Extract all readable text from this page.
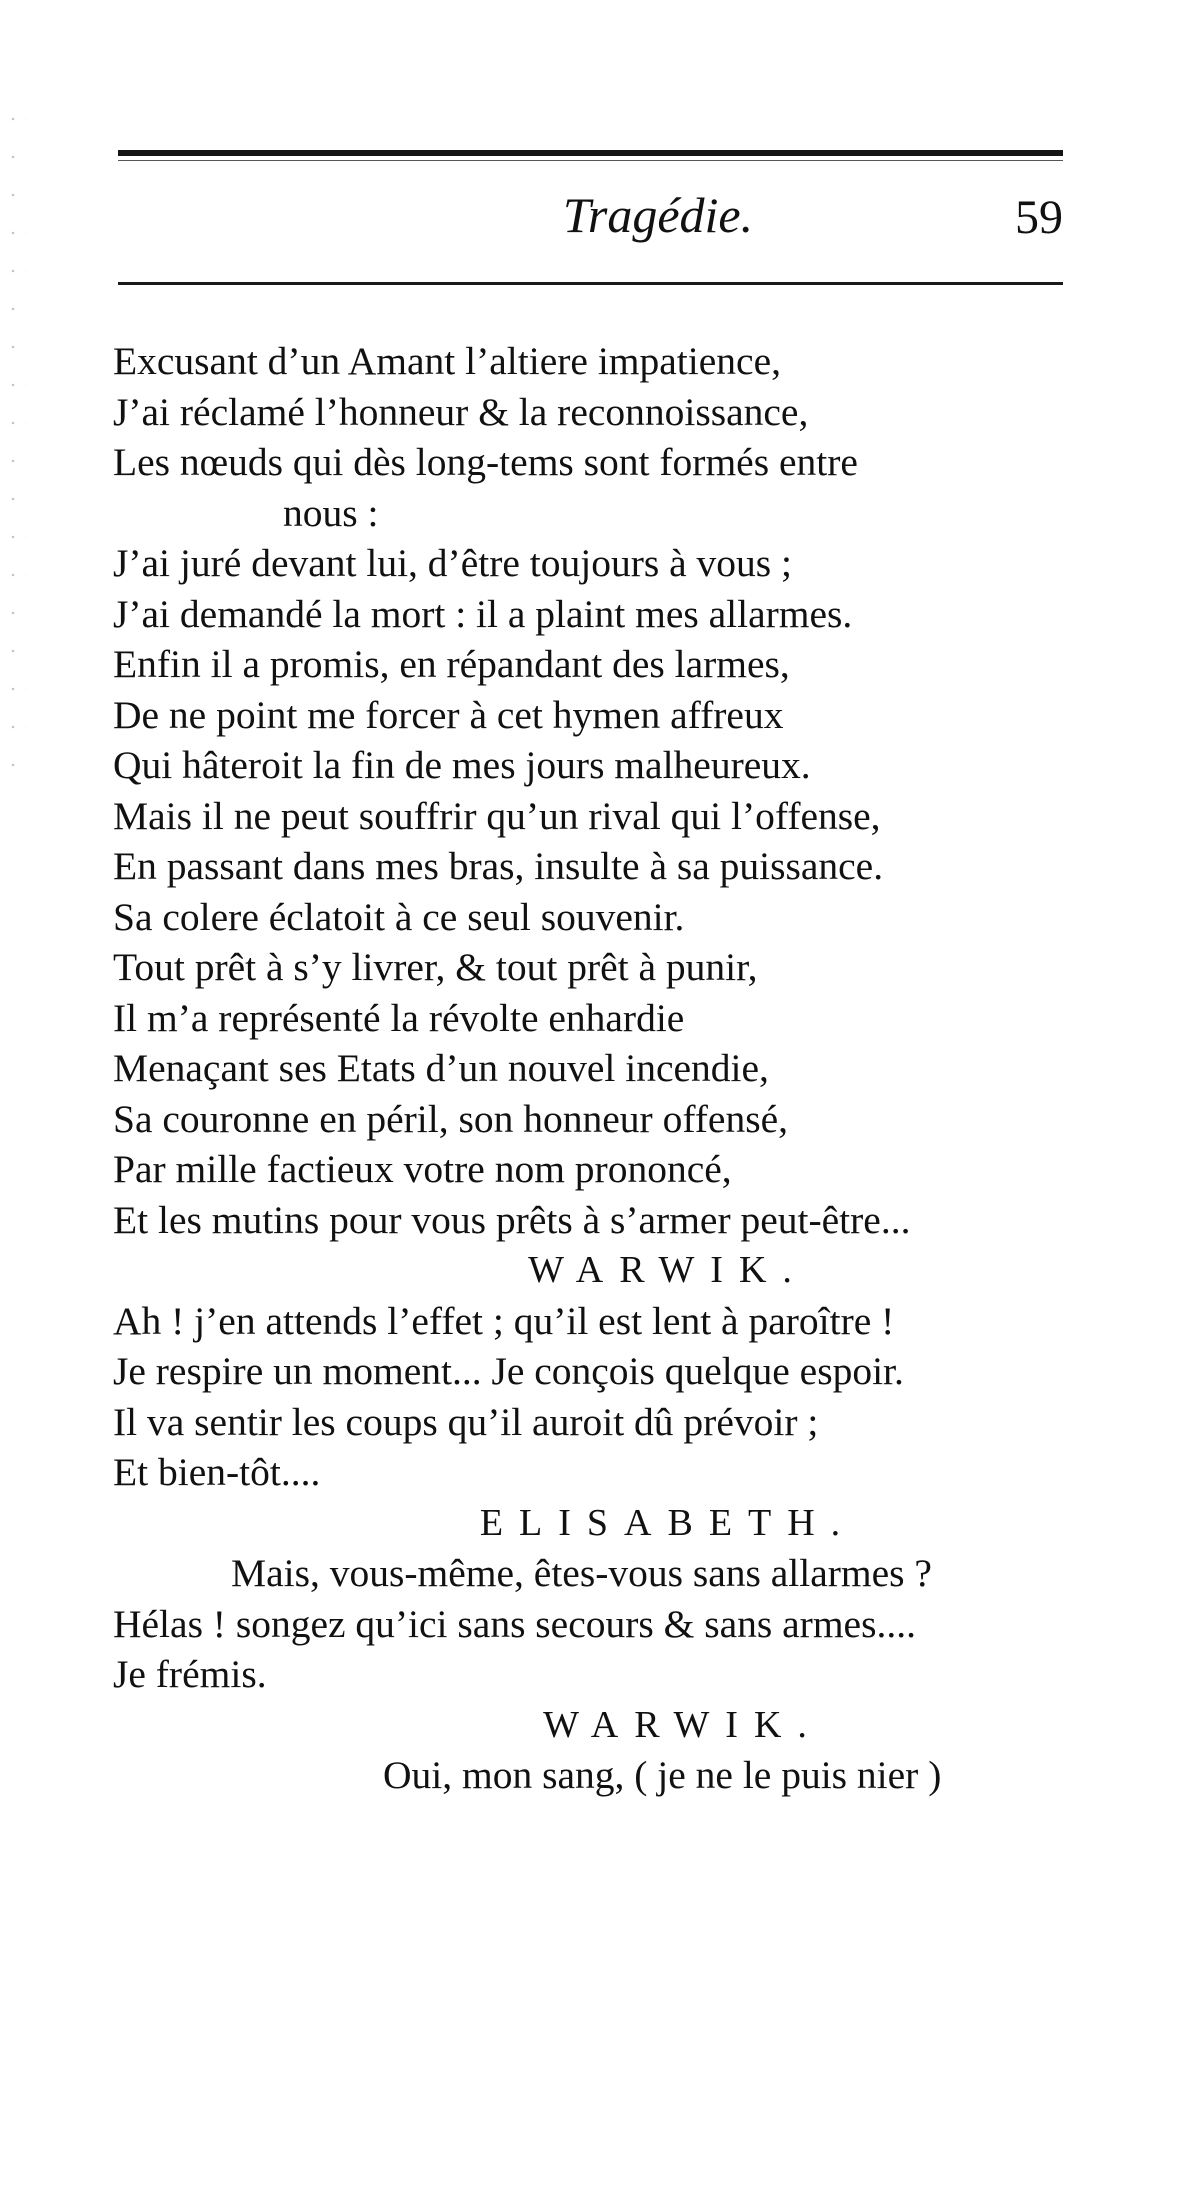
Tragédie.	59
Excusant d’un Amant l’altiere impatience,
J’ai réclamé l’honneur & la reconnoissance,
Les nœuds qui dès long-tems sont formés entre
nous :
J’ai juré devant lui, d’être toujours à vous ;
J’ai demandé la mort : il a plaint mes allarmes.
Enfin il a promis, en répandant des larmes,
De ne point me forcer à cet hymen affreux
Qui hâteroit la fin de mes jours malheureux.
Mais il ne peut souffrir qu’un rival qui l’offense,
En passant dans mes bras, insulte à sa puissance.
Sa colere éclatoit à ce seul souvenir.
Tout prêt à s’y livrer, & tout prêt à punir,
Il m’a représenté la révolte enhardie
Menaçant ses Etats d’un nouvel incendie,
Sa couronne en péril, son honneur offensé,
Par mille factieux votre nom prononcé,
Et les mutins pour vous prêts à s’armer peut-être...
WARWIK.
Ah ! j’en attends l’effet ; qu’il est lent à paroître !
Je respire un moment... Je conçois quelque espoir.
Il va sentir les coups qu’il auroit dû prévoir ;
Et bien-tôt....
ELISABETH.
Mais, vous-même, êtes-vous sans allarmes ?
Hélas ! songez qu’ici sans secours & sans armes....
Je frémis.
WARWIK.
Oui, mon sang, ( je ne le puis nier )
